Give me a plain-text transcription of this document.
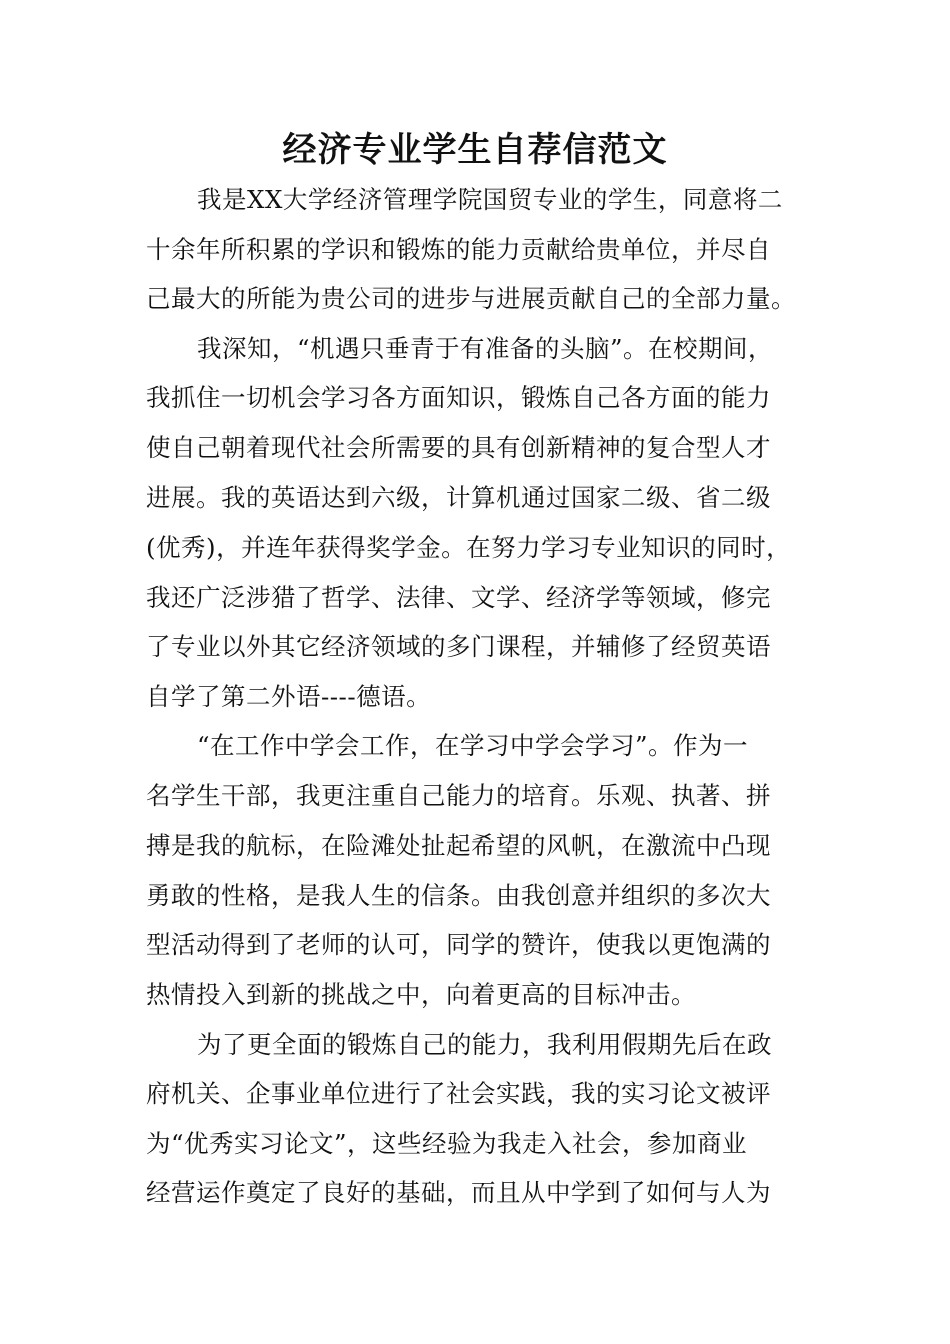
经济专业学生自荐信范文
我是XX大学经济管理学院国贸专业的学生，同意将二
十余年所积累的学识和锻炼的能力贡献给贵单位，并尽自
己最大的所能为贵公司的进步与进展贡献自己的全部力量。
我深知，“机遇只垂青于有准备的头脑”。在校期间，
我抓住一切机会学习各方面知识，锻炼自己各方面的能力
使自己朝着现代社会所需要的具有创新精神的复合型人才
进展。我的英语达到六级，计算机通过国家二级、省二级
(优秀)，并连年获得奖学金。在努力学习专业知识的同时，
我还广泛涉猎了哲学、法律、文学、经济学等领域，修完
了专业以外其它经济领域的多门课程，并辅修了经贸英语
自学了第二外语----德语。
“在工作中学会工作，在学习中学会学习”。作为一
名学生干部，我更注重自己能力的培育。乐观、执著、拼
搏是我的航标，在险滩处扯起希望的风帆，在激流中凸现
勇敢的性格，是我人生的信条。由我创意并组织的多次大
型活动得到了老师的认可，同学的赞许，使我以更饱满的
热情投入到新的挑战之中，向着更高的目标冲击。
为了更全面的锻炼自己的能力，我利用假期先后在政
府机关、企事业单位进行了社会实践，我的实习论文被评
为“优秀实习论文”，这些经验为我走入社会，参加商业
经营运作奠定了良好的基础，而且从中学到了如何与人为
